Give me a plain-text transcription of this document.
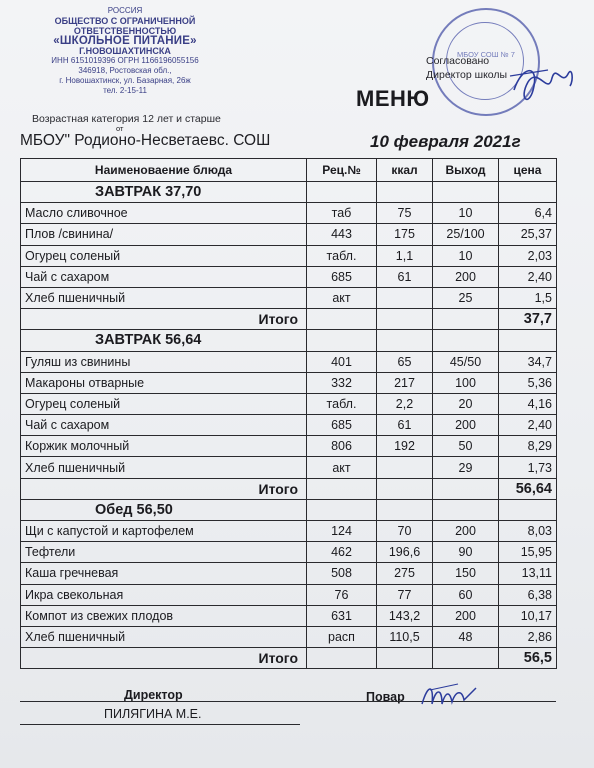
РОССИЯ
ОБЩЕСТВО С ОГРАНИЧЕННОЙ
ОТВЕТСТВЕННОСТЬЮ
«ШКОЛЬНОЕ ПИТАНИЕ»
Г.НОВОШАХТИНСКА
ИНН 6151019396 ОГРН 1166196055156
346918, Ростовская обл.,
г. Новошахтинск, ул. Базарная, 26ж
тел. 2-15-11
Возрастная категория 12 лет и старше
от
МБОУ СОШ № 7
Согласовано
Директор школы
МЕНЮ
МБОУ" Родионо-Несветаевс. СОШ	10 февраля 2021г
Наименоваение блюда	Рец.№	ккал	Выход	цена
ЗАВТРАК 37,70				
Масло сливочное	таб	75	10	6,4
Плов /свинина/	443	175	25/100	25,37
Огурец соленый	табл.	1,1	10	2,03
Чай с сахаром	685	61	200	2,40
Хлеб пшеничный	акт		25	1,5
Итого				37,7
ЗАВТРАК 56,64				
Гуляш из свинины	401	65	45/50	34,7
Макароны отварные	332	217	100	5,36
Огурец соленый	табл.	2,2	20	4,16
Чай с сахаром	685	61	200	2,40
Коржик молочный	806	192	50	8,29
Хлеб пшеничный	акт		29	1,73
Итого				56,64
Обед 56,50				
Щи с капустой и картофелем	124	70	200	8,03
Тефтели	462	196,6	90	15,95
Каша гречневая	508	275	150	13,11
Икра свекольная	76	77	60	6,38
Компот из свежих плодов	631	143,2	200	10,17
Хлеб пшеничный	расп	110,5	48	2,86
Итого				56,5
Директор
ПИЛЯГИНА М.Е.
Повар
